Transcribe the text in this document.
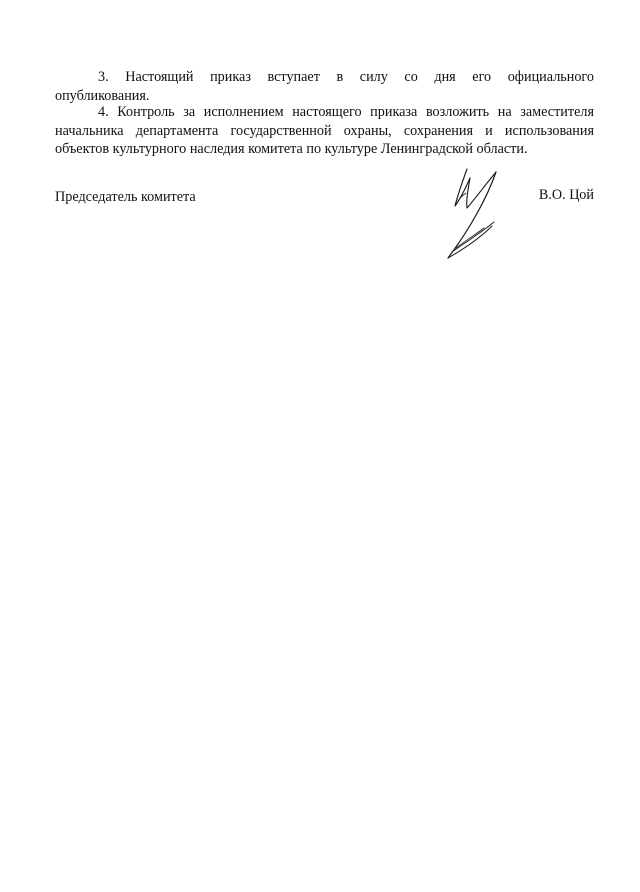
3. Настоящий приказ вступает в силу со дня его официального
опубликования.
4. Контроль за исполнением настоящего приказа возложить на заместителя
начальника департамента государственной охраны, сохранения и использования
объектов культурного наследия комитета по культуре Ленинградской области.
Председатель комитета	В.О. Цой
